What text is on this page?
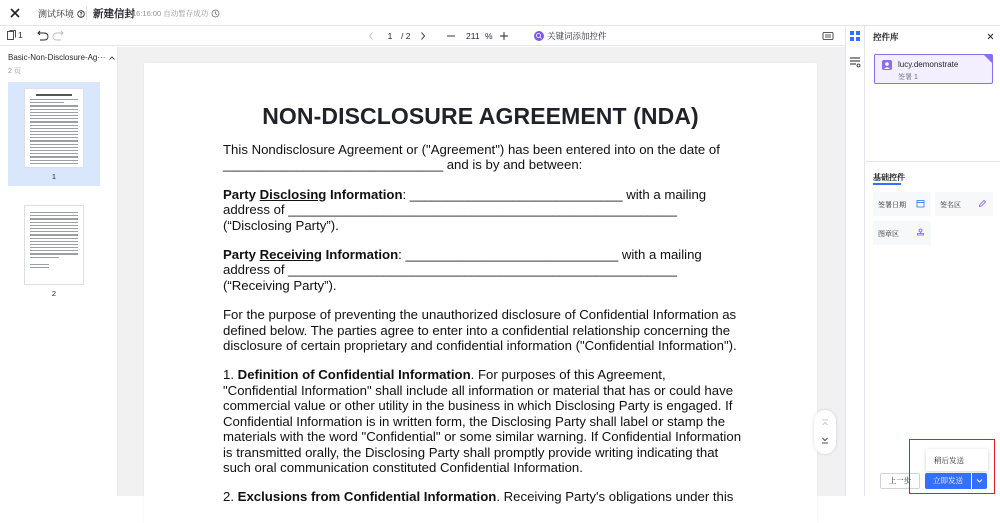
测试环境 新建信封
16:16:00 自动暂存成功
1	1	/ 2	211 %	关键词添加控件
Basic-Non-Disclosure-Ag···
2 页
1
2
NON-DISCLOSURE AGREEMENT (NDA)

This Nondisclosure Agreement or ("Agreement") has been entered into on the date of ______________________________ and is by and between:

Party Disclosing Information: _____________________________ with a mailing address of _____________________________________________________ (“Disclosing Party”).

Party Receiving Information: _____________________________ with a mailing address of _____________________________________________________ (“Receiving Party”).

For the purpose of preventing the unauthorized disclosure of Confidential Information as defined below. The parties agree to enter into a confidential relationship concerning the disclosure of certain proprietary and confidential information ("Confidential Information").

1. Definition of Confidential Information. For purposes of this Agreement, "Confidential Information" shall include all information or material that has or could have commercial value or other utility in the business in which Disclosing Party is engaged. If Confidential Information is in written form, the Disclosing Party shall label or stamp the materials with the word "Confidential" or some similar warning. If Confidential Information is transmitted orally, the Disclosing Party shall promptly provide writing indicating that such oral communication constituted Confidential Information.

2. Exclusions from Confidential Information. Receiving Party's obligations under this

控件库
lucy.demonstrate
签署 1
基础控件
签署日期	签名区
图章区
稍后发送
上一步	立即发送
